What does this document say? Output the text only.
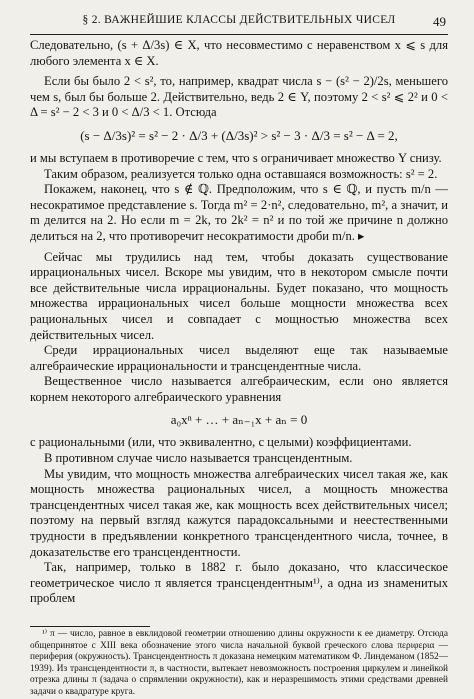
§ 2. ВАЖНЕЙШИЕ КЛАССЫ ДЕЙСТВИТЕЛЬНЫХ ЧИСЕЛ	49

Следовательно, (s + Δ/3s) ∈ X, что несовместимо с неравенством x ⩽ s для любого элемента x ∈ X.

Если бы было 2 < s², то, например, квадрат числа s − (s² − 2)/2s, меньшего чем s, был бы больше 2. Действительно, ведь 2 ∈ Y, поэтому 2 < s² ⩽ 2² и 0 < Δ = s² − 2 < 3 и 0 < Δ/3 < 1. Отсюда

(s − Δ/3s)² = s² − 2 · Δ/3 + (Δ/3s)² > s² − 3 · Δ/3 = s² − Δ = 2,

и мы вступаем в противоречие с тем, что s ограничивает множество Y снизу.

Таким образом, реализуется только одна оставшаяся возможность: s² = 2.

Покажем, наконец, что s ∉ ℚ. Предположим, что s ∈ ℚ, и пусть m/n — несократимое представление s. Тогда m² = 2·n², следовательно, m², а значит, и m делится на 2. Но если m = 2k, то 2k² = n² и по той же причине n должно делиться на 2, что противоречит несократимости дроби m/n. ▸

Сейчас мы трудились над тем, чтобы доказать существование иррациональных чисел. Вскоре мы увидим, что в некотором смысле почти все действительные числа иррациональны. Будет показано, что мощность множества иррациональных чисел больше мощности множества всех рациональных чисел и совпадает с мощностью множества всех действительных чисел.

Среди иррациональных чисел выделяют еще так называемые алгебраические иррациональности и трансцендентные числа.

Вещественное число называется алгебраическим, если оно является корнем некоторого алгебраического уравнения

a₀xⁿ + … + aₙ₋₁x + aₙ = 0

с рациональными (или, что эквивалентно, с целыми) коэффициентами.

В противном случае число называется трансцендентным.

Мы увидим, что мощность множества алгебраических чисел такая же, как мощность множества рациональных чисел, а мощность множества трансцендентных чисел такая же, как мощность всех действительных чисел; поэтому на первый взгляд кажутся парадоксальными и неестественными трудности в предъявлении конкретного трансцендентного числа, точнее, в доказательстве его трансцендентности.

Так, например, только в 1882 г. было доказано, что классическое геометрическое число π является трансцендентным¹⁾, а одна из знаменитых проблем

¹⁾ π — число, равное в евклидовой геометрии отношению длины окружности к ее диаметру. Отсюда общепринятое с XIII века обозначение этого числа начальной буквой греческого слова περιφερια — периферия (окружность). Трансцендентность π доказана немецким математиком Ф. Линдеманом (1852—1939). Из трансцендентности π, в частности, вытекает невозможность построения циркулем и линейкой отрезка длины π (задача о спрямлении окружности), как и неразрешимость этими средствами древней задачи о квадратуре круга.
